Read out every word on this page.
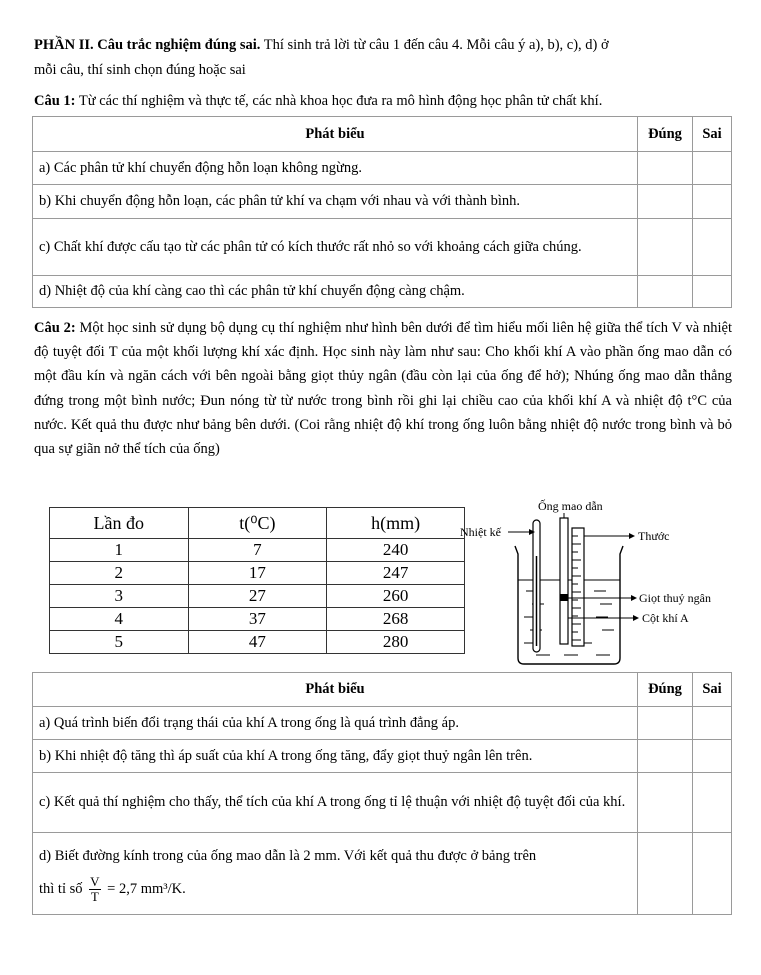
PHẦN II. Câu trắc nghiệm đúng sai. Thí sinh trả lời từ câu 1 đến câu 4. Mỗi câu ý a), b), c), d) ở
mỗi câu, thí sinh chọn đúng hoặc sai
Câu 1: Từ các thí nghiệm và thực tế, các nhà khoa học đưa ra mô hình động học phân tử chất khí.
Phát biểu	Đúng	Sai
a) Các phân tử khí chuyển động hỗn loạn không ngừng.		
b) Khi chuyển động hỗn loạn, các phân tử khí va chạm với nhau và với thành bình.		
c) Chất khí được cấu tạo từ các phân tử có kích thước rất nhỏ so với khoảng cách giữa chúng.		
d) Nhiệt độ của khí càng cao thì các phân tử khí chuyển động càng chậm.		
Câu 2: Một học sinh sử dụng bộ dụng cụ thí nghiệm như hình bên dưới để tìm hiểu mối liên hệ giữa thể tích V và nhiệt độ tuyệt đối T của một khối lượng khí xác định. Học sinh này làm như sau: Cho khối khí A vào phần ống mao dẫn có một đầu kín và ngăn cách với bên ngoài bằng giọt thủy ngân (đầu còn lại của ống để hở); Nhúng ống mao dẫn thẳng đứng trong một bình nước; Đun nóng từ từ nước trong bình rồi ghi lại chiều cao của khối khí A và nhiệt độ t°C của nước. Kết quả thu được như bảng bên dưới. (Coi rằng nhiệt độ khí trong ống luôn bằng nhiệt độ nước trong bình và bỏ qua sự giãn nở thể tích của ống)
Lần đo	t(⁰C)	h(mm)
1	7	240
2	17	247
3	27	260
4	37	268
5	47	280
Ống mao dẫn
Nhiệt kế	Thước
Giọt thuỷ ngân
Cột khí A
Phát biểu	Đúng	Sai
a) Quá trình biến đổi trạng thái của khí A trong ống là quá trình đẳng áp.		
b) Khi nhiệt độ tăng thì áp suất của khí A trong ống tăng, đẩy giọt thuỷ ngân lên trên.		
c) Kết quả thí nghiệm cho thấy, thể tích của khí A trong ống tỉ lệ thuận với nhiệt độ tuyệt đối của khí.		

d) Biết đường kính trong của ống mao dẫn là 2 mm. Với kết quả thu được ở bảng trên
thì tỉ số $\frac{V}{T} = 2,7$ mm³/K.		
